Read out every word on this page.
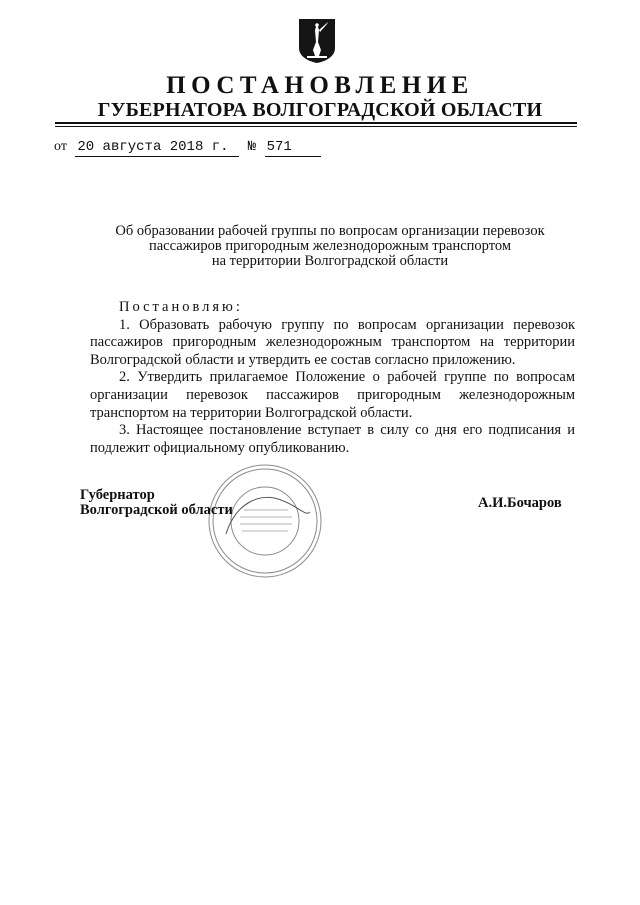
ПОСТАНОВЛЕНИЕ
ГУБЕРНАТОРА ВОЛГОГРАДСКОЙ ОБЛАСТИ
от 20 августа 2018 г. № 571
Об образовании рабочей группы по вопросам организации перевозок
пассажиров пригородным железнодорожным транспортом
на территории Волгоградской области

Постановляю:

1. Образовать рабочую группу по вопросам организации перевозок пассажиров пригородным железнодорожным транспортом на территории Волгоградской области и утвердить ее состав согласно приложению.

2. Утвердить прилагаемое Положение о рабочей группе по вопросам организации перевозок пассажиров пригородным железнодорожным транспортом на территории Волгоградской области.

3. Настоящее постановление вступает в силу со дня его подписания и подлежит официальному опубликованию.

Губернатор
Волгоградской области	А.И.Бочаров
